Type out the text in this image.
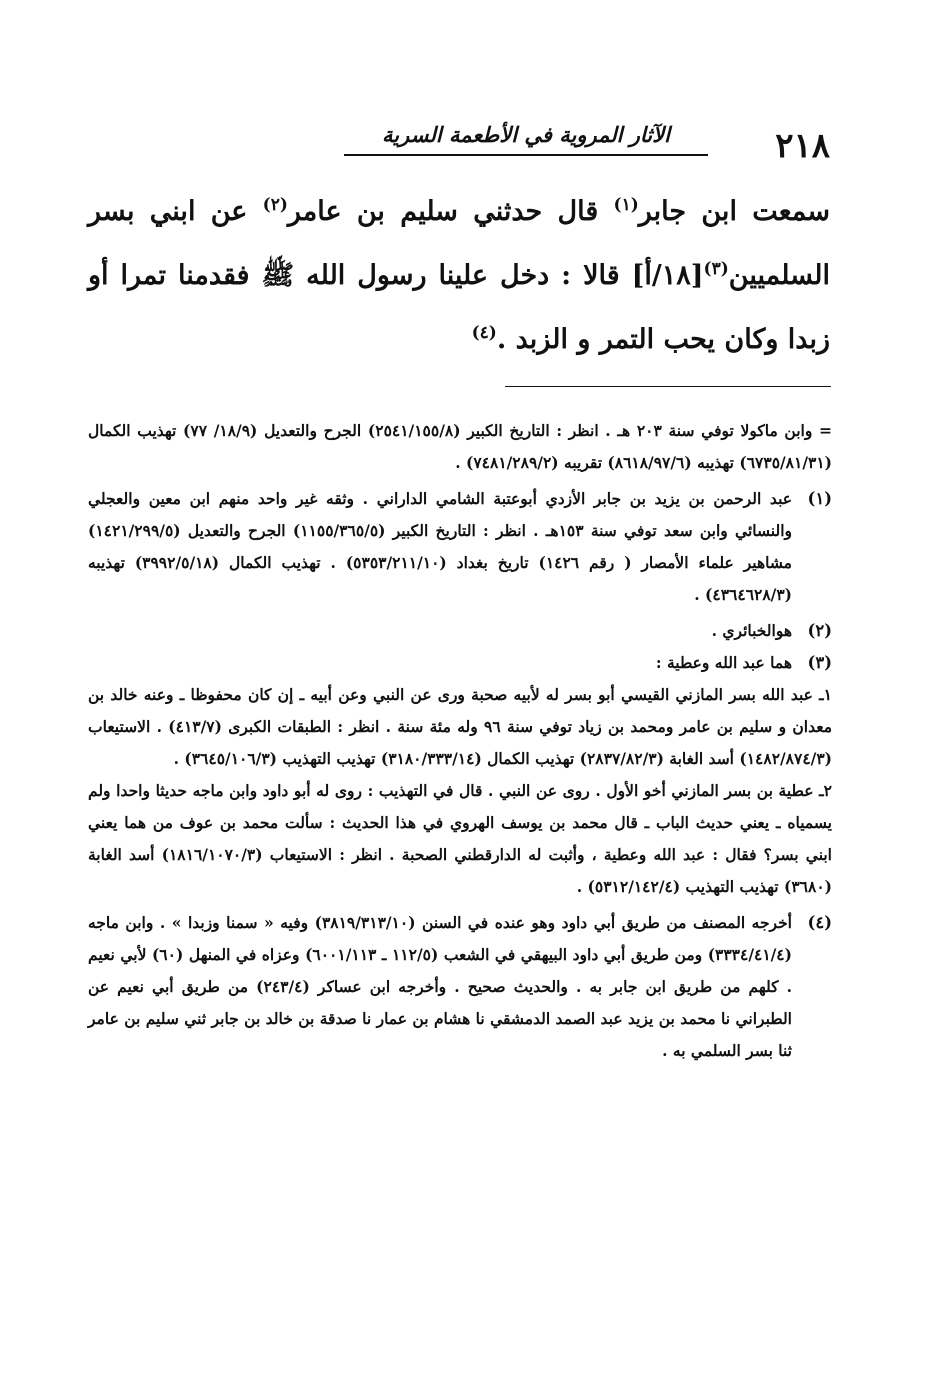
٢١٨
الآثار المروية في الأطعمة السرية
سمعت ابن جابر$^{(١)}$ قال حدثني سليم بن عامر$^{(٢)}$ عن ابني بسر السلميين$^{(٣)}$[١٨/أ] قالا : دخل علينا رسول الله ﷺ فقدمنا تمرا أو زبدا وكان يحب التمر و الزبد .$^{(٤)}$

= وابن ماكولا توفي سنة ٢٠٣ هـ . انظر : التاريخ الكبير (٢٥٤١/١٥٥/٨) الجرح والتعديل (١٨/٩/ ٧٧) تهذيب الكمال (٦٧٣٥/٨١/٣١) تهذيبه (٨٦١٨/٩٧/٦) تقريبه (٧٤٨١/٢٨٩/٢) .

(١)
عبد الرحمن بن يزيد بن جابر الأزدي أبوعتبة الشامي الداراني . وثقه غير واحد منهم ابن معين والعجلي والنسائي وابن سعد توفي سنة ١٥٣هـ . انظر : التاريخ الكبير (١١٥٥/٣٦٥/٥) الجرح والتعديل (١٤٢١/٢٩٩/٥) مشاهير علماء الأمصار ( رقم ١٤٢٦) تاريخ بغداد (٥٣٥٣/٢١١/١٠) . تهذيب الكمال (٣٩٩٢/٥/١٨) تهذيبه (٤٣٦٤٦٢٨/٣) .
(٢)
هوالخبائري .
(٣)
هما عبد الله وعطية :

١ـ عبد الله بسر المازني القيسي أبو بسر له لأبيه صحبة ورى عن النبي وعن أبيه ـ إن كان محفوظا ـ وعنه خالد بن معدان و سليم بن عامر ومحمد بن زياد توفي سنة ٩٦ وله مئة سنة . انظر : الطبقات الكبرى (٤١٣/٧) . الاستيعاب (١٤٨٢/٨٧٤/٣) أسد الغابة (٢٨٣٧/٨٢/٣) تهذيب الكمال (٣١٨٠/٣٣٣/١٤) تهذيب التهذيب (٣٦٤٥/١٠٦/٣) .

٢ـ عطية بن بسر المازني أخو الأول . روى عن النبي . قال في التهذيب : روى له أبو داود وابن ماجه حديثا واحدا ولم يسمياه ـ يعني حديث الباب ـ قال محمد بن يوسف الهروي في هذا الحديث : سألت محمد بن عوف من هما يعني ابني بسر؟ فقال : عبد الله وعطية ، وأثبت له الدارقطني الصحبة . انظر : الاستيعاب (١٨١٦/١٠٧٠/٣) أسد الغابة (٣٦٨٠) تهذيب التهذيب (٥٣١٢/١٤٢/٤) .

(٤)
أخرجه المصنف من طريق أبي داود وهو عنده في السنن (٣٨١٩/٣١٣/١٠) وفيه « سمنا وزبدا » . وابن ماجه (٣٣٣٤/٤١/٤) ومن طريق أبي داود البيهقي في الشعب (١١٢/٥ ـ ٦٠٠١/١١٣) وعزاه في المنهل (٦٠) لأبي نعيم . كلهم من طريق ابن جابر به . والحديث صحيح . وأخرجه ابن عساكر (٢٤٣/٤) من طريق أبي نعيم عن الطبراني نا محمد بن يزيد عبد الصمد الدمشقي نا هشام بن عمار نا صدقة بن خالد بن جابر ثني سليم بن عامر ثنا بسر السلمي به .
